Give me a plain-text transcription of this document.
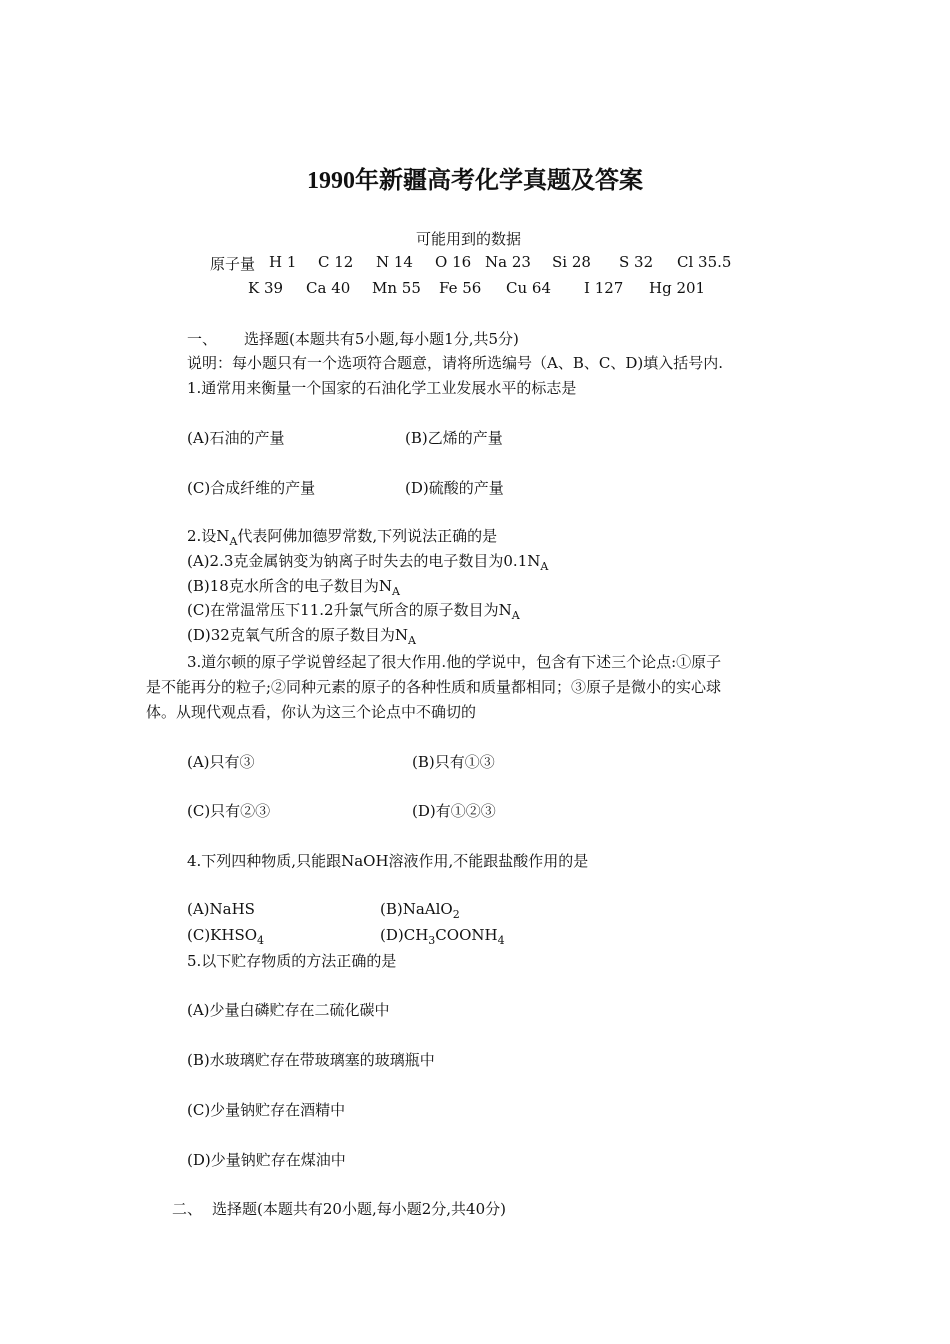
1990年新疆高考化学真题及答案
可能用到的数据
原子量 H 1 C 12 N 14 O 16 Na 23 Si 28 S 32 Cl 35.5
K 39 Ca 40 Mn 55 Fe 56 Cu 64 I 127 Hg 201
一、 选择题(本题共有5小题,每小题1分,共5分)
说明：每小题只有一个选项符合题意，请将所选编号（A、B、C、D)填入括号内.
1.通常用来衡量一个国家的石油化学工业发展水平的标志是
(A)石油的产量	(B)乙烯的产量
(C)合成纤维的产量	(D)硫酸的产量
2.设$N_A$代表阿佛加德罗常数,下列说法正确的是
(A)2.3克金属钠变为钠离子时失去的电子数目为$0.1N_A$
(B)18克水所含的电子数目为$N_A$
(C)在常温常压下11.2升氯气所含的原子数目为$N_A$
(D)32克氧气所含的原子数目为$N_A$
3.道尔顿的原子学说曾经起了很大作用.他的学说中，包含有下述三个论点:①原子
是不能再分的粒子;②同种元素的原子的各种性质和质量都相同；③原子是微小的实心球
体。从现代观点看，你认为这三个论点中不确切的
(A)只有③	(B)只有①③
(C)只有②③	(D)有①②③
4.下列四种物质,只能跟NaOH溶液作用,不能跟盐酸作用的是
(A)NaHS	(B)NaAlO$_2$
$(C)KHSO_4$	$(D)CH_3COONH_4$
5.以下贮存物质的方法正确的是
(A)少量白磷贮存在二硫化碳中
(B)水玻璃贮存在带玻璃塞的玻璃瓶中
(C)少量钠贮存在酒精中
(D)少量钠贮存在煤油中
二、 选择题(本题共有20小题,每小题2分,共40分)
